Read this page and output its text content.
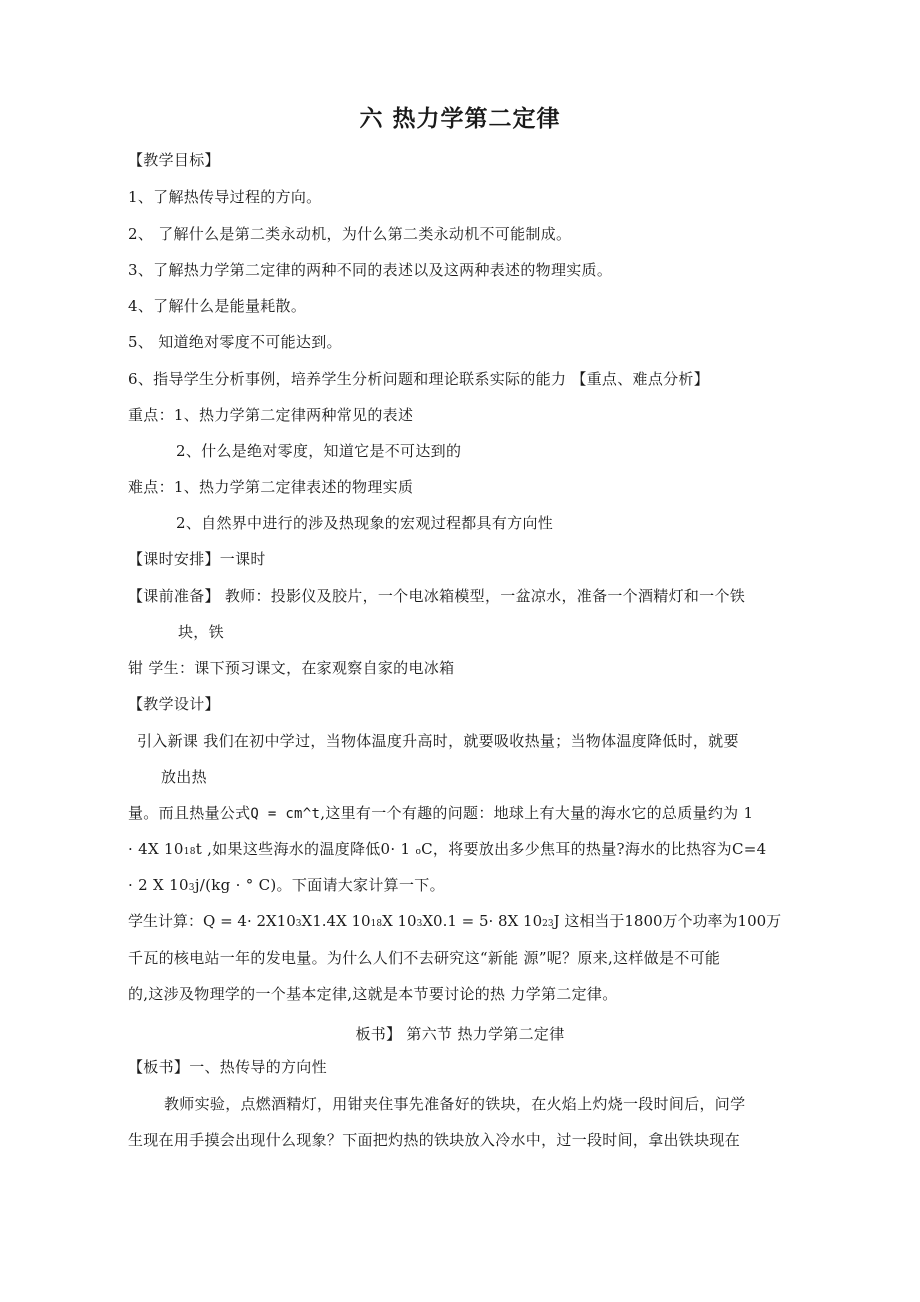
六 热力学第二定律
【教学目标】
1、了解热传导过程的方向。
2、 了解什么是第二类永动机，为什么第二类永动机不可能制成。
3、了解热力学第二定律的两种不同的表述以及这两种表述的物理实质。
4、了解什么是能量耗散。
5、 知道绝对零度不可能达到。
6、指导学生分析事例，培养学生分析问题和理论联系实际的能力 【重点、难点分析】
重点：1、热力学第二定律两种常见的表述
2、什么是绝对零度，知道它是不可达到的
难点：1、热力学第二定律表述的物理实质
2、自然界中进行的涉及热现象的宏观过程都具有方向性
【课时安排】一课时
【课前准备】 教师：投影仪及胶片，一个电冰箱模型，一盆凉水，准备一个酒精灯和一个铁
块，铁
钳 学生：课下预习课文，在家观察自家的电冰箱
【教学设计】
引入新课 我们在初中学过，当物体温度升高时，就要吸收热量；当物体温度降低时，就要
放出热
量。而且热量公式Q = cm^t,这里有一个有趣的问题：地球上有大量的海水它的总质量约为 1
· 4X 1018t ,如果这些海水的温度降低0· 1 oC，将要放出多少焦耳的热量?海水的比热容为C=4
· 2 X 103j/(kg · ° C)。下面请大家计算一下。
学生计算：Q = 4· 2X103X1.4X 1018X 103X0.1 = 5· 8X 1023J 这相当于1800万个功率为100万
千瓦的核电站一年的发电量。为什么人们不去研究这“新能 源”呢？原来,这样做是不可能
的,这涉及物理学的一个基本定律,这就是本节要讨论的热 力学第二定律。
板书】 第六节 热力学第二定律
【板书】一、热传导的方向性
教师实验，点燃酒精灯，用钳夹住事先准备好的铁块，在火焰上灼烧一段时间后，问学
生现在用手摸会出现什么现象？下面把灼热的铁块放入冷水中，过一段时间，拿出铁块现在
